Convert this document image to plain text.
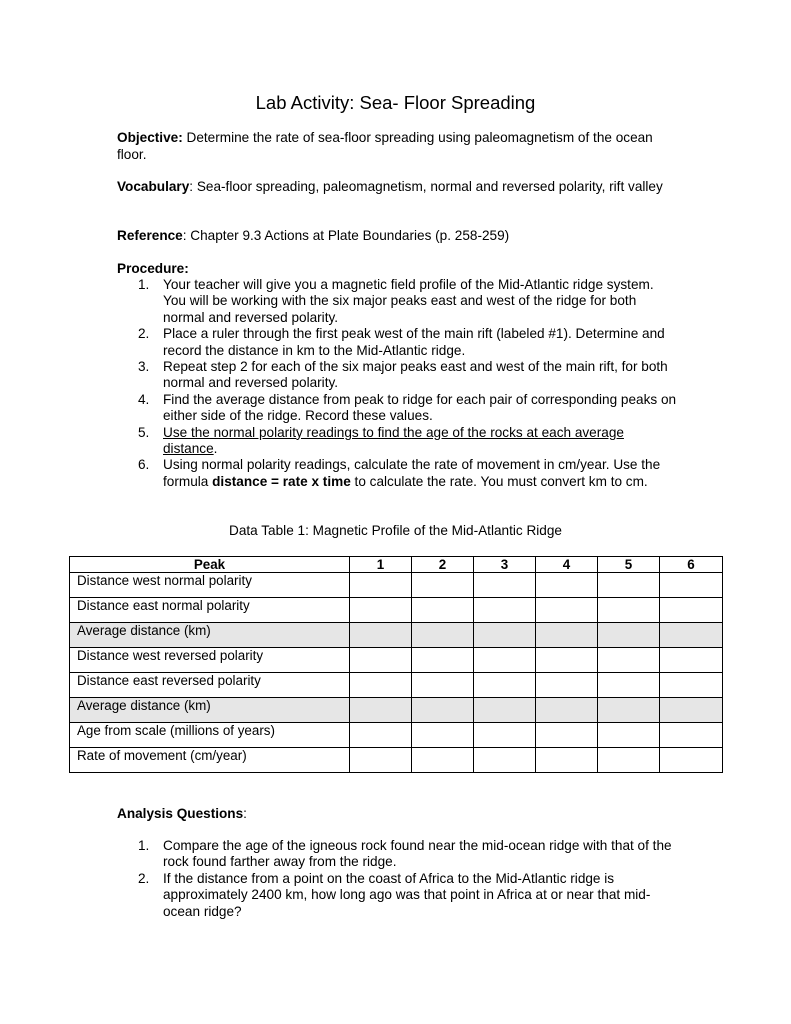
Lab Activity: Sea- Floor Spreading
Objective: Determine the rate of sea-floor spreading using paleomagnetism of the ocean floor.
Vocabulary: Sea-floor spreading, paleomagnetism, normal and reversed polarity, rift valley
Reference: Chapter 9.3 Actions at Plate Boundaries (p. 258-259)
Procedure:
1. Your teacher will give you a magnetic field profile of the Mid-Atlantic ridge system. You will be working with the six major peaks east and west of the ridge for both normal and reversed polarity.
2. Place a ruler through the first peak west of the main rift (labeled #1). Determine and record the distance in km to the Mid-Atlantic ridge.
3. Repeat step 2 for each of the six major peaks east and west of the main rift, for both normal and reversed polarity.
4. Find the average distance from peak to ridge for each pair of corresponding peaks on either side of the ridge. Record these values.
5. Use the normal polarity readings to find the age of the rocks at each average distance.
6. Using normal polarity readings, calculate the rate of movement in cm/year. Use the formula distance = rate x time to calculate the rate. You must convert km to cm.
Data Table 1: Magnetic Profile of the Mid-Atlantic Ridge
Peak	1	2	3	4	5	6
Distance west normal polarity						
Distance east normal polarity						
Average distance (km)						
Distance west reversed polarity						
Distance east reversed polarity						
Average distance (km)						
Age from scale (millions of years)						
Rate of movement (cm/year)						
Analysis Questions:
1. Compare the age of the igneous rock found near the mid-ocean ridge with that of the rock found farther away from the ridge.
2. If the distance from a point on the coast of Africa to the Mid-Atlantic ridge is approximately 2400 km, how long ago was that point in Africa at or near that mid-ocean ridge?
